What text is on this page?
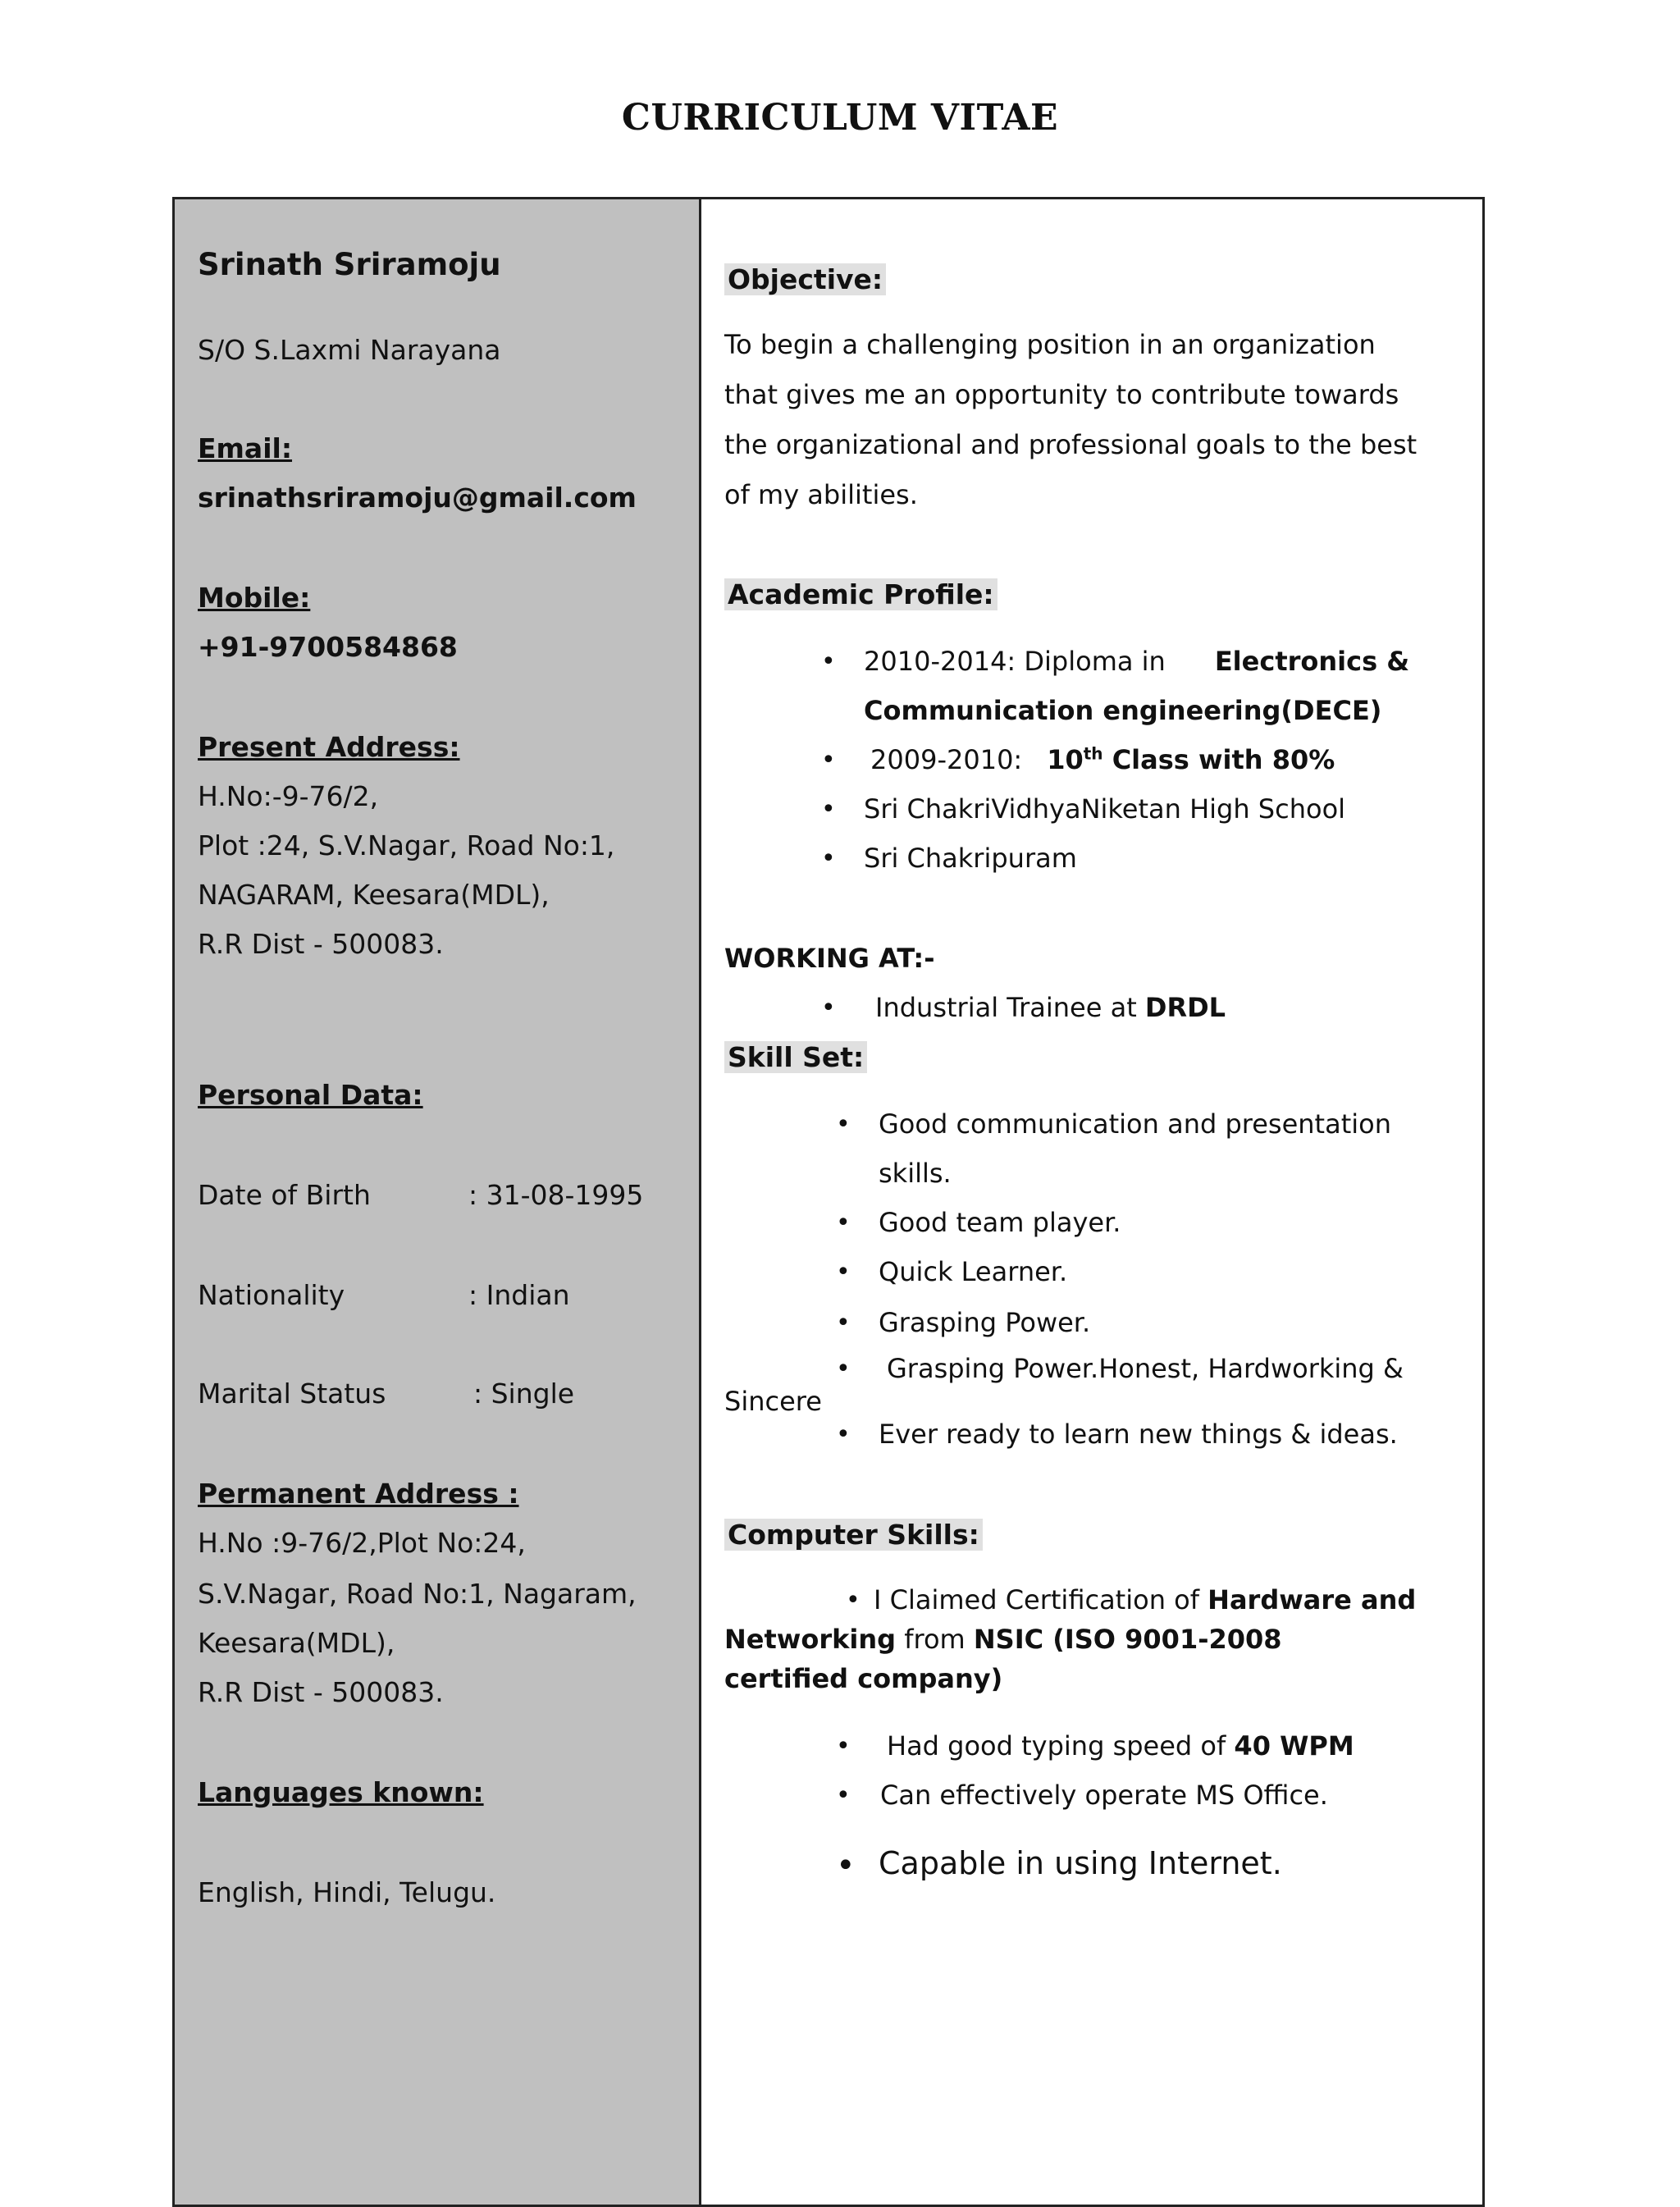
CURRICULUM VITAE
Srinath Sriramoju
S/O S.Laxmi Narayana
Email:
srinathsriramoju@gmail.com
Mobile:
+91-9700584868
Present Address:
H.No:-9-76/2,
Plot :24, S.V.Nagar, Road No:1,
NAGARAM, Keesara(MDL),
R.R Dist - 500083.
Personal Data:
Date of Birth	: 31-08-1995
Nationality	: Indian
Marital Status	: Single
Permanent Address :
H.No :9-76/2,Plot No:24,
S.V.Nagar, Road No:1, Nagaram,
Keesara(MDL),
R.R Dist - 500083.
Languages known:
English, Hindi, Telugu.
Objective:
To begin a challenging position in an organization
that gives me an opportunity to contribute towards
the organizational and professional goals to the best
of my abilities.
Academic Profile:
• 2010-2014: Diploma in Electronics &
Communication engineering(DECE)
• 2009-2010: 10th Class with 80%
• Sri ChakriVidhyaNiketan High School
• Sri Chakripuram
WORKING AT:-
• Industrial Trainee at DRDL
Skill Set:
• Good communication and presentation
skills.
• Good team player.
• Quick Learner.
• Grasping Power.
• Grasping Power.Honest, Hardworking &
Sincere
• Ever ready to learn new things & ideas.
Computer Skills:
• I Claimed Certification of Hardware and
Networking from NSIC (ISO 9001-2008
certified company)
• Had good typing speed of 40 WPM
• Can effectively operate MS Office.
• Capable in using Internet.
